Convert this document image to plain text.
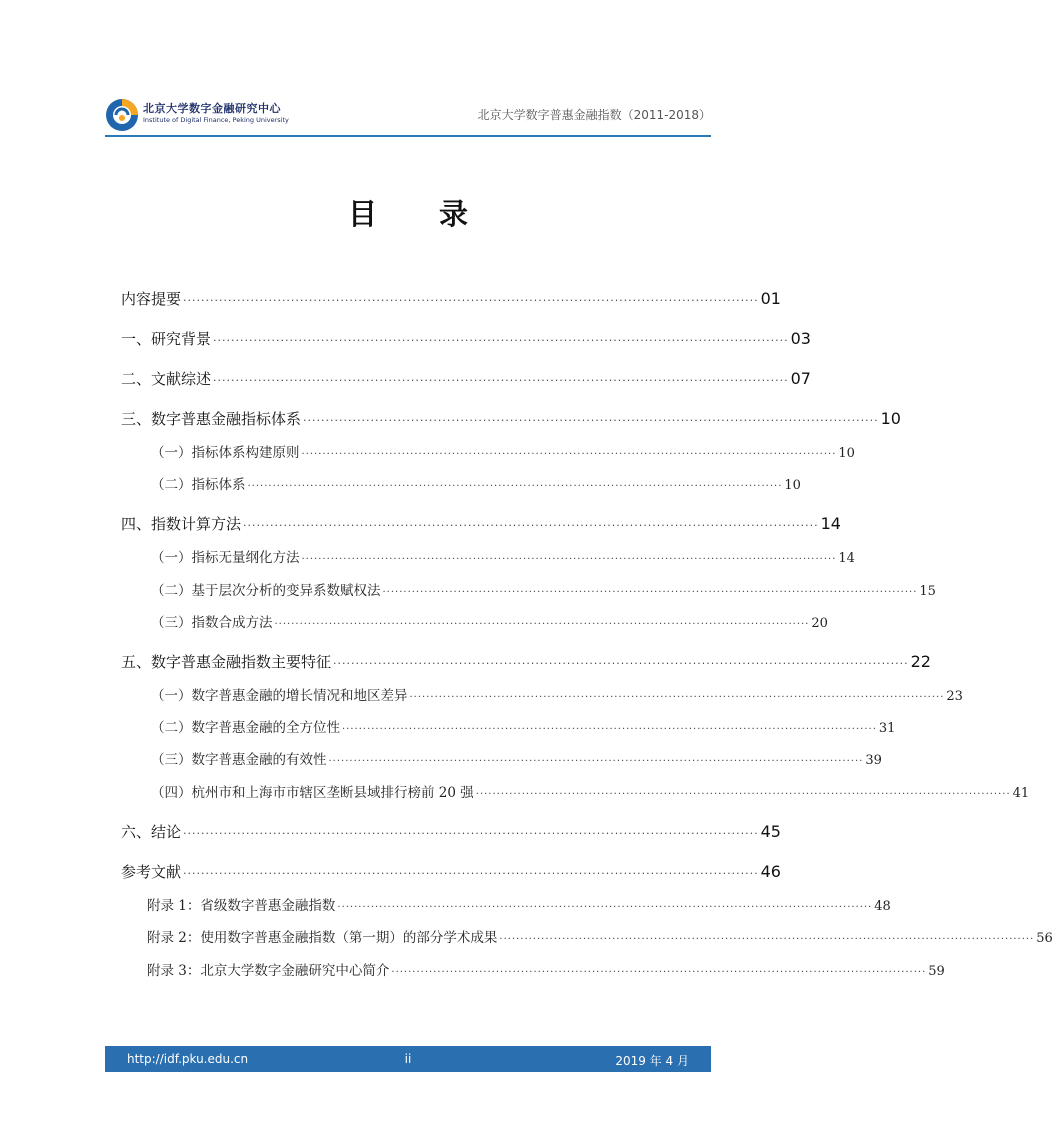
北京大学数字金融研究中心
Institute of Digital Finance, Peking University	北京大学数字普惠金融指数（2011-2018）
目 录
内容提要 ································································································································ 01
一、研究背景 ································································································································ 03
二、文献综述 ································································································································ 07
三、数字普惠金融指标体系 ································································································································ 10
（一）指标体系构建原则 ································································································································ 10
（二）指标体系 ································································································································ 10
四、指数计算方法 ································································································································ 14
（一）指标无量纲化方法 ································································································································ 14
（二）基于层次分析的变异系数赋权法 ································································································································ 15
（三）指数合成方法 ································································································································ 20
五、数字普惠金融指数主要特征 ································································································································ 22
（一）数字普惠金融的增长情况和地区差异 ································································································································ 23
（二）数字普惠金融的全方位性 ································································································································ 31
（三）数字普惠金融的有效性 ································································································································ 39
（四）杭州市和上海市市辖区垄断县域排行榜前 20 强 ································································································································ 41
六、结论 ································································································································ 45
参考文献 ································································································································ 46
附录 1：省级数字普惠金融指数 ································································································································ 48
附录 2：使用数字普惠金融指数（第一期）的部分学术成果 ································································································································ 56
附录 3：北京大学数字金融研究中心简介 ································································································································ 59
http://idf.pku.edu.cn	ii	2019 年 4 月
